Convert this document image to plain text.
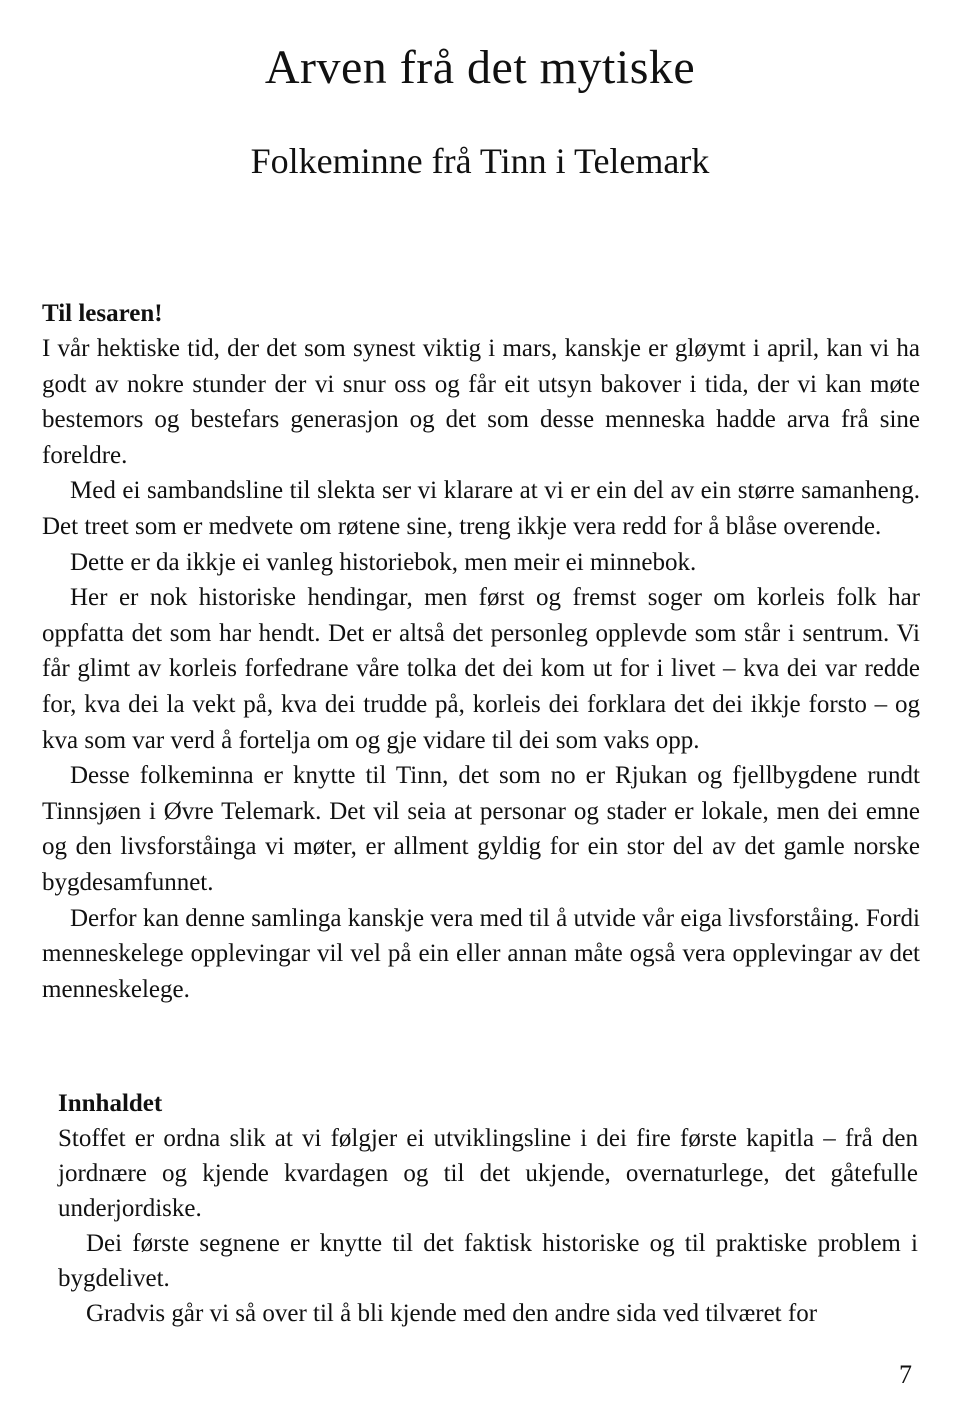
Arven frå det mytiske
Folkeminne frå Tinn i Telemark

Til lesaren!

I vår hektiske tid, der det som synest viktig i mars, kanskje er gløymt i april, kan vi ha godt av nokre stunder der vi snur oss og får eit utsyn bakover i tida, der vi kan møte bestemors og bestefars generasjon og det som desse menneska hadde arva frå sine foreldre.

Med ei sambandsline til slekta ser vi klarare at vi er ein del av ein større samanheng. Det treet som er medvete om røtene sine, treng ikkje vera redd for å blåse overende.

Dette er da ikkje ei vanleg historiebok, men meir ei minnebok.

Her er nok historiske hendingar, men først og fremst soger om korleis folk har oppfatta det som har hendt. Det er altså det personleg opplevde som står i sentrum. Vi får glimt av korleis forfedrane våre tolka det dei kom ut for i livet – kva dei var redde for, kva dei la vekt på, kva dei trudde på, korleis dei forklara det dei ikkje forsto – og kva som var verd å fortelja om og gje vidare til dei som vaks opp.

Desse folkeminna er knytte til Tinn, det som no er Rjukan og fjellbygdene rundt Tinnsjøen i Øvre Telemark. Det vil seia at personar og stader er lokale, men dei emne og den livsforståinga vi møter, er allment gyldig for ein stor del av det gamle norske bygdesamfunnet.

Derfor kan denne samlinga kanskje vera med til å utvide vår eiga livsforståing. Fordi menneskelege opplevingar vil vel på ein eller annan måte også vera opplevingar av det menneskelege.

Innhaldet

Stoffet er ordna slik at vi følgjer ei utviklingsline i dei fire første kapitla – frå den jordnære og kjende kvardagen og til det ukjende, overnaturlege, det gåtefulle underjordiske.

Dei første segnene er knytte til det faktisk historiske og til praktiske problem i bygdelivet.

Gradvis går vi så over til å bli kjende med den andre sida ved tilværet for

7
